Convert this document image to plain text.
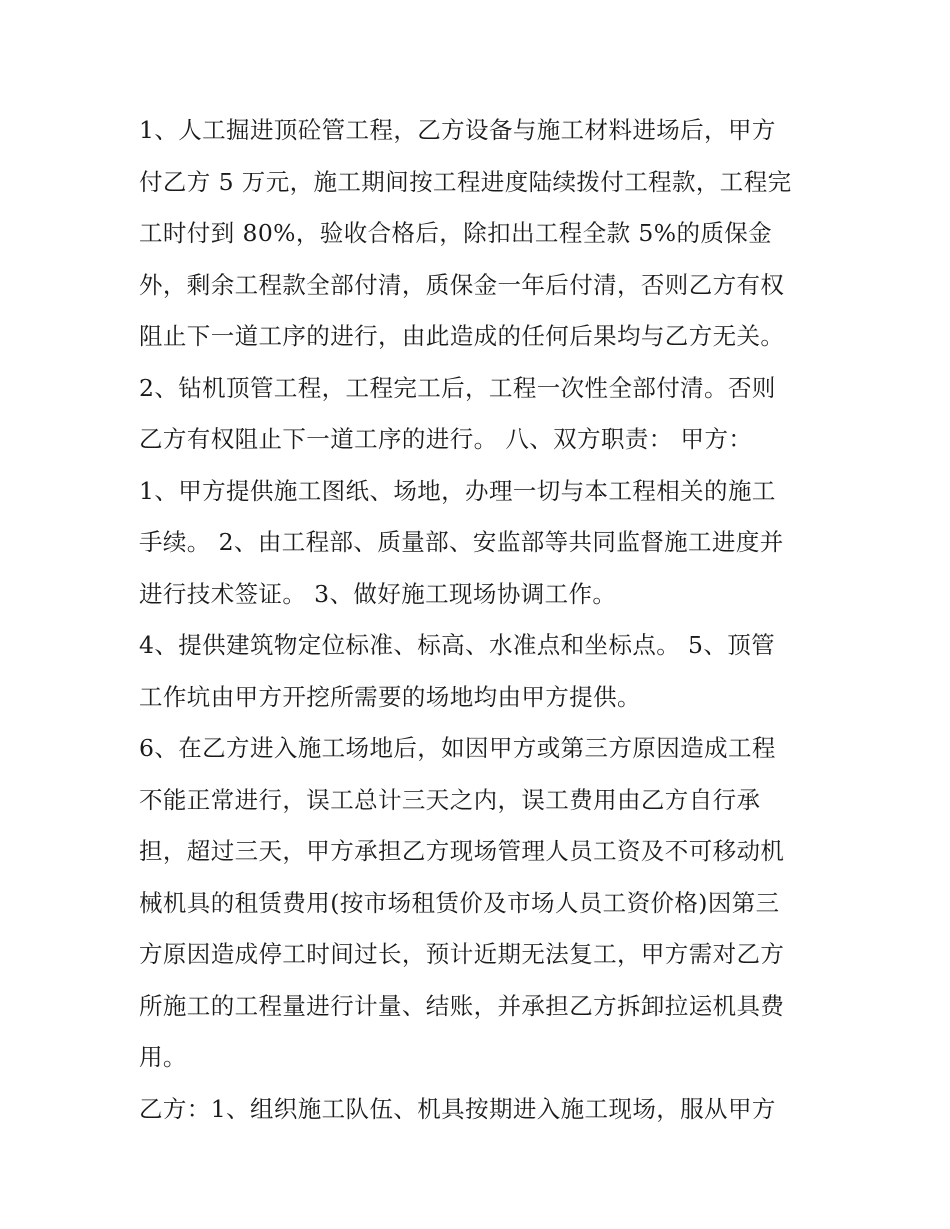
1、人工掘进顶砼管工程，乙方设备与施工材料进场后，甲方
付乙方 5 万元，施工期间按工程进度陆续拨付工程款，工程完
工时付到 80%，验收合格后，除扣出工程全款 5%的质保金
外，剩余工程款全部付清，质保金一年后付清，否则乙方有权
阻止下一道工序的进行，由此造成的任何后果均与乙方无关。
2、钻机顶管工程，工程完工后，工程一次性全部付清。否则
乙方有权阻止下一道工序的进行。 八、双方职责： 甲方：
1、甲方提供施工图纸、场地，办理一切与本工程相关的施工
手续。 2、由工程部、质量部、安监部等共同监督施工进度并
进行技术签证。 3、做好施工现场协调工作。
4、提供建筑物定位标准、标高、水准点和坐标点。 5、顶管
工作坑由甲方开挖所需要的场地均由甲方提供。
6、在乙方进入施工场地后，如因甲方或第三方原因造成工程
不能正常进行，误工总计三天之内，误工费用由乙方自行承
担，超过三天，甲方承担乙方现场管理人员工资及不可移动机
械机具的租赁费用(按市场租赁价及市场人员工资价格)因第三
方原因造成停工时间过长，预计近期无法复工，甲方需对乙方
所施工的工程量进行计量、结账，并承担乙方拆卸拉运机具费
用。
乙方：1、组织施工队伍、机具按期进入施工现场，服从甲方
